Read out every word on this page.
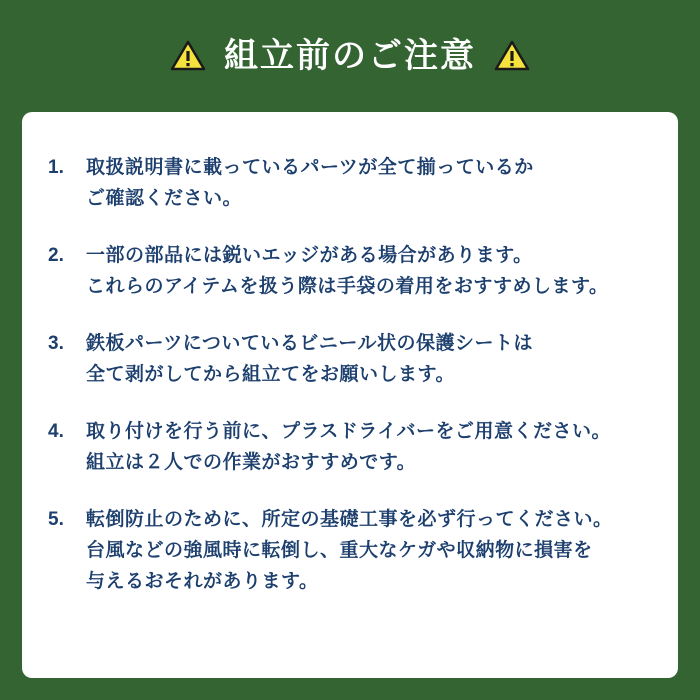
組立前のご注意
1.	取扱説明書に載っているパーツが全て揃っているか
ご確認ください。
2.	一部の部品には鋭いエッジがある場合があります。
これらのアイテムを扱う際は手袋の着用をおすすめします。
3.	鉄板パーツについているビニール状の保護シートは
全て剥がしてから組立てをお願いします。
4.	取り付けを行う前に、プラスドライバーをご用意ください。
組立は２人での作業がおすすめです。
5.	転倒防止のために、所定の基礎工事を必ず行ってください。
台風などの強風時に転倒し、重大なケガや収納物に損害を
与えるおそれがあります。
